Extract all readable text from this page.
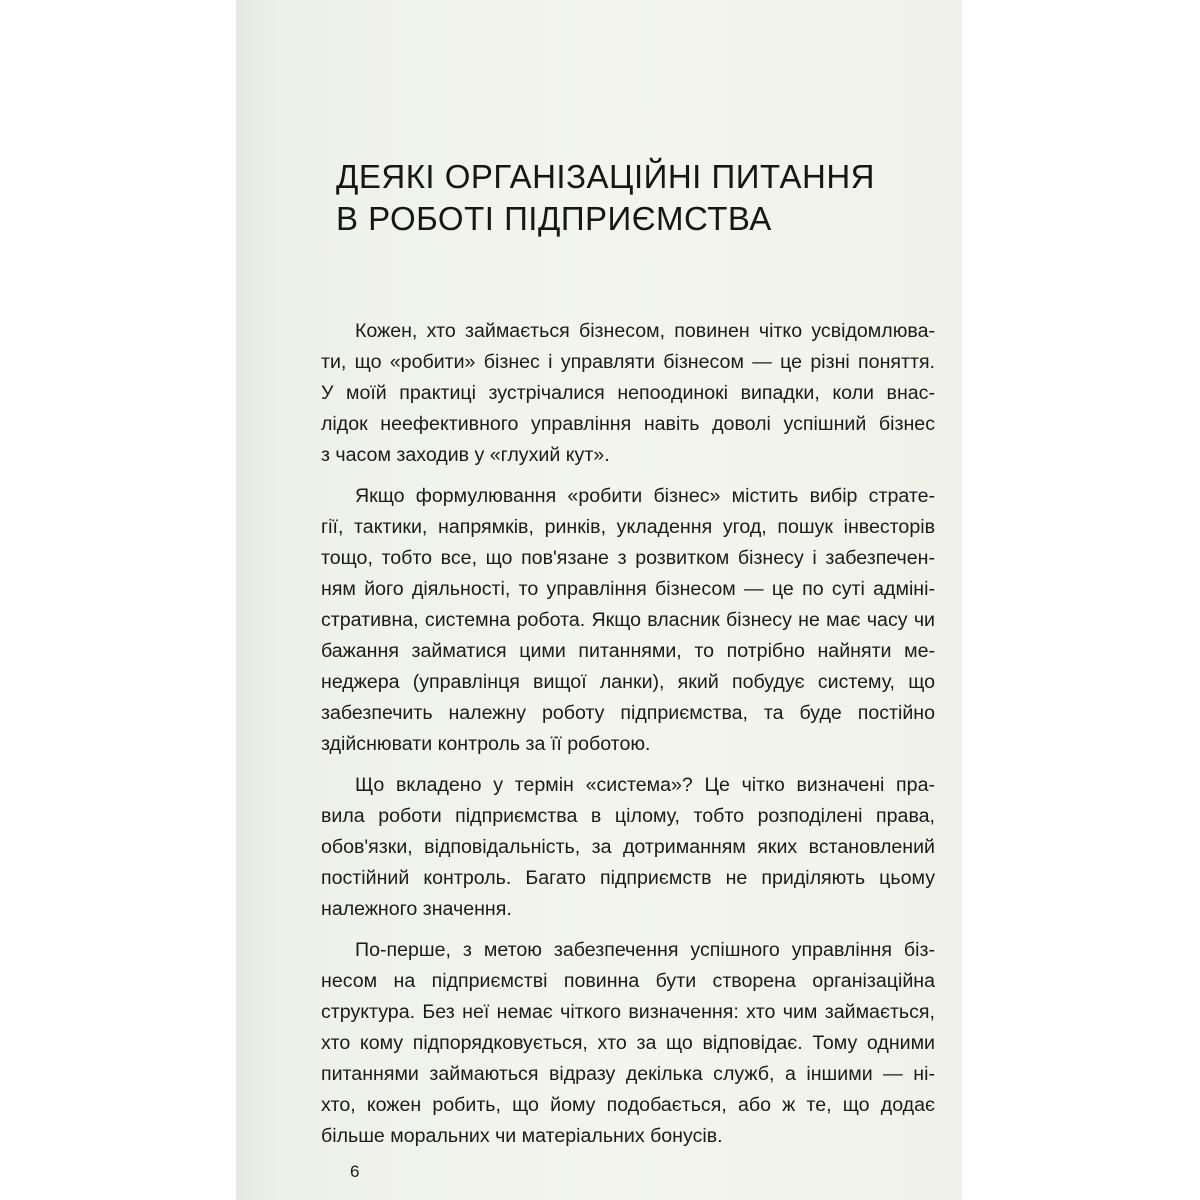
ДЕЯКІ ОРГАНІЗАЦІЙНІ ПИТАННЯ
В РОБОТІ ПІДПРИЄМСТВА
Кожен, хто займається бізнесом, повинен чітко усвідомлюва-
ти, що «робити» бізнес і управляти бізнесом — це різні поняття.
У моїй практиці зустрічалися непоодинокі випадки, коли внас-
лідок неефективного управління навіть доволі успішний бізнес
з часом заходив у «глухий кут».
Якщо формулювання «робити бізнес» містить вибір страте-
гії, тактики, напрямків, ринків, укладення угод, пошук інвесторів
тощо, тобто все, що пов'язане з розвитком бізнесу і забезпечен-
ням його діяльності, то управління бізнесом — це по суті адміні-
стративна, системна робота. Якщо власник бізнесу не має часу чи
бажання займатися цими питаннями, то потрібно найняти ме-
неджера (управлінця вищої ланки), який побудує систему, що
забезпечить належну роботу підприємства, та буде постійно
здійснювати контроль за її роботою.
Що вкладено у термін «система»? Це чітко визначені пра-
вила роботи підприємства в цілому, тобто розподілені права,
обов'язки, відповідальність, за дотриманням яких встановлений
постійний контроль. Багато підприємств не приділяють цьому
належного значення.
По-перше, з метою забезпечення успішного управління біз-
несом на підприємстві повинна бути створена організаційна
структура. Без неї немає чіткого визначення: хто чим займається,
хто кому підпорядковується, хто за що відповідає. Тому одними
питаннями займаються відразу декілька служб, а іншими — ні-
хто, кожен робить, що йому подобається, або ж те, що додає
більше моральних чи матеріальних бонусів.
6
